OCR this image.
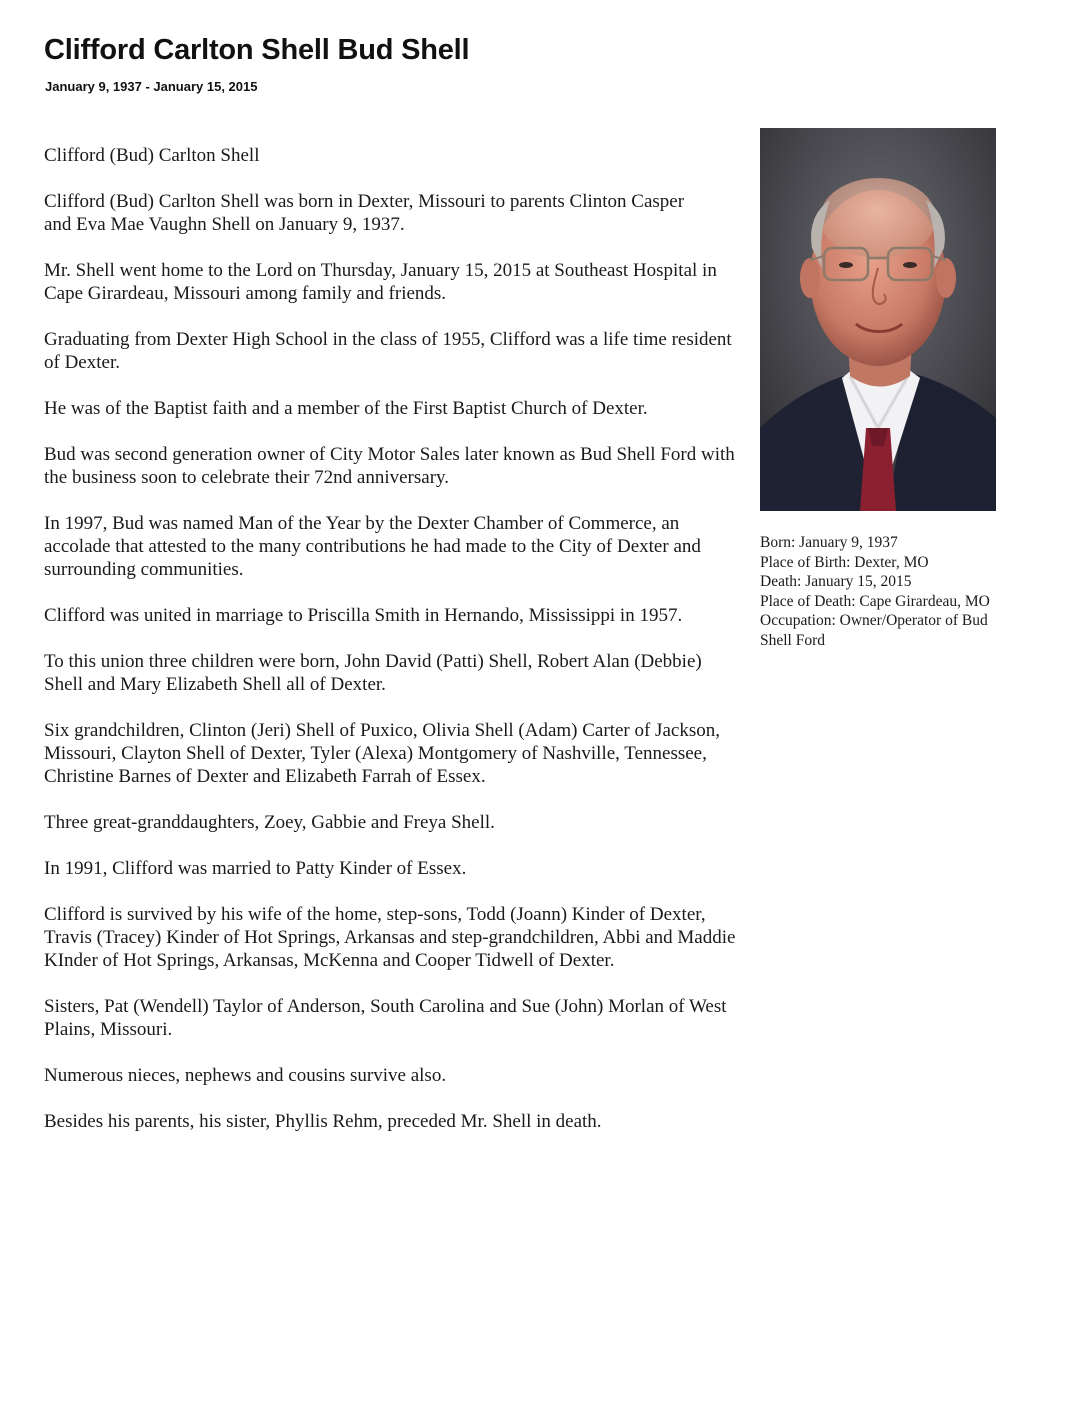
Clifford Carlton Shell Bud Shell
January 9, 1937 - January 15, 2015

Clifford (Bud) Carlton Shell

Clifford (Bud) Carlton Shell was born in Dexter, Missouri to parents Clinton Casper and Eva Mae Vaughn Shell on January 9, 1937.

Mr. Shell went home to the Lord on Thursday, January 15, 2015 at Southeast Hospital in Cape Girardeau, Missouri among family and friends.

Graduating from Dexter High School in the class of 1955, Clifford was a life time resident of Dexter.

He was of the Baptist faith and a member of the First Baptist Church of Dexter.

Bud was second generation owner of City Motor Sales later known as Bud Shell Ford with the business soon to celebrate their 72nd anniversary.

In 1997, Bud was named Man of the Year by the Dexter Chamber of Commerce, an accolade that attested to the many contributions he had made to the City of Dexter and surrounding communities.

Clifford was united in marriage to Priscilla Smith in Hernando, Mississippi in 1957.

To this union three children were born, John David (Patti) Shell, Robert Alan (Debbie) Shell and Mary Elizabeth Shell all of Dexter.

Six grandchildren, Clinton (Jeri) Shell of Puxico, Olivia Shell (Adam) Carter of Jackson, Missouri, Clayton Shell of Dexter, Tyler (Alexa) Montgomery of Nashville, Tennessee, Christine Barnes of Dexter and Elizabeth Farrah of Essex.

Three great-granddaughters, Zoey, Gabbie and Freya Shell.

In 1991, Clifford was married to Patty Kinder of Essex.

Clifford is survived by his wife of the home, step-sons, Todd (Joann) Kinder of Dexter, Travis (Tracey) Kinder of Hot Springs, Arkansas and step-grandchildren, Abbi and Maddie KInder of Hot Springs, Arkansas, McKenna and Cooper Tidwell of Dexter.

Sisters, Pat (Wendell) Taylor of Anderson, South Carolina and Sue (John) Morlan of West Plains, Missouri.

Numerous nieces, nephews and cousins survive also.

Besides his parents, his sister, Phyllis Rehm, preceded Mr. Shell in death.

Born: January 9, 1937
Place of Birth: Dexter, MO
Death: January 15, 2015
Place of Death: Cape Girardeau, MO
Occupation: Owner/Operator of Bud Shell Ford
